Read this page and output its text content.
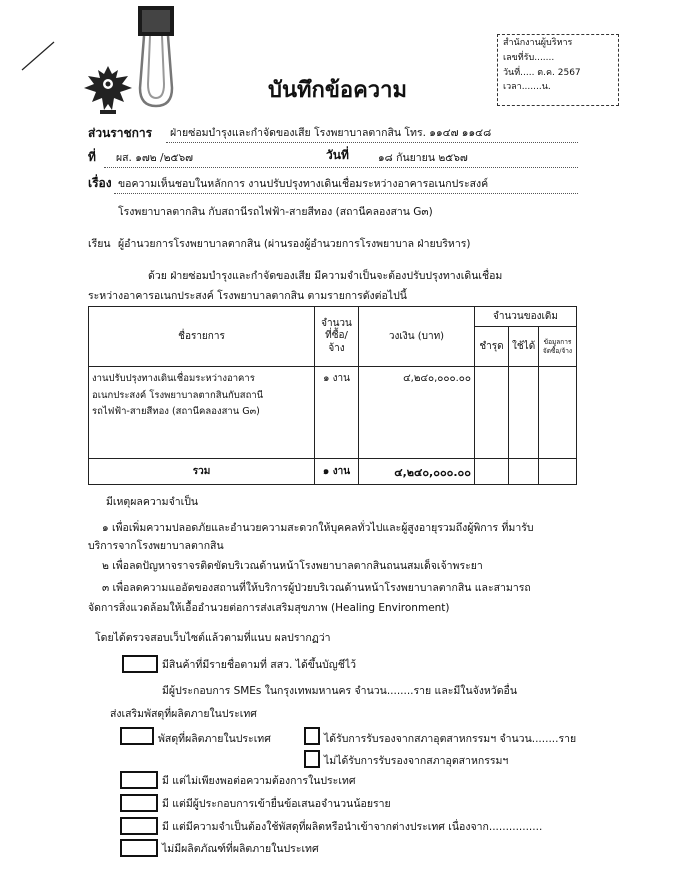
บันทึกข้อความ
สำนักงานผู้บริหาร
เลขที่รับ.......
วันที่..... ต.ค. 2567
เวลา.......น.
ส่วนราชการ ฝ่ายซ่อมบำรุงและกำจัดของเสีย โรงพยาบาลตากสิน โทร. ๑๑๔๗ ๑๑๔๘
ที่ ผส. ๑๗๒ /๒๕๖๗	วันที่	๑๘ กันยายน ๒๕๖๗
เรื่อง ขอความเห็นชอบในหลักการ งานปรับปรุงทางเดินเชื่อมระหว่างอาคารอเนกประสงค์
โรงพยาบาลตากสิน กับสถานีรถไฟฟ้า-สายสีทอง (สถานีคลองสาน G๓)
เรียน ผู้อำนวยการโรงพยาบาลตากสิน (ผ่านรองผู้อำนวยการโรงพยาบาล ฝ่ายบริหาร)
ด้วย ฝ่ายซ่อมบำรุงและกำจัดของเสีย มีความจำเป็นจะต้องปรับปรุงทางเดินเชื่อม
ระหว่างอาคารอเนกประสงค์ โรงพยาบาลตากสิน ตามรายการดังต่อไปนี้
ชื่อรายการ	จำนวน
ที่ซื้อ/
จ้าง	วงเงิน (บาท)	จำนวนของเดิม		
			ชำรุด	ใช้ได้	ข้อมูลการ
จัดซื้อ/จ้าง

งานปรับปรุงทางเดินเชื่อมระหว่างอาคาร
อเนกประสงค์ โรงพยาบาลตากสินกับสถานี
รถไฟฟ้า-สายสีทอง (สถานีคลองสาน G๓)	๑ งาน	๔,๒๔๐,๐๐๐.๐๐			
รวม	๑ งาน	๔,๒๔๐,๐๐๐.๐๐			
มีเหตุผลความจำเป็น
๑ เพื่อเพิ่มความปลอดภัยและอำนวยความสะดวกให้บุคคลทั่วไปและผู้สูงอายุรวมถึงผู้พิการ ที่มารับ
บริการจากโรงพยาบาลตากสิน
๒ เพื่อลดปัญหาจราจรติดขัดบริเวณด้านหน้าโรงพยาบาลตากสินถนนสมเด็จเจ้าพระยา
๓ เพื่อลดความแออัดของสถานที่ให้บริการผู้ป่วยบริเวณด้านหน้าโรงพยาบาลตากสิน และสามารถ
จัดการสิ่งแวดล้อมให้เอื้ออำนวยต่อการส่งเสริมสุขภาพ (Healing Environment)
โดยได้ตรวจสอบเว็บไซต์แล้วตามที่แนบ ผลปรากฏว่า
มีสินค้าที่มีรายชื่อตามที่ สสว. ได้ขึ้นบัญชีไว้
มีผู้ประกอบการ SMEs ในกรุงเทพมหานคร จำนวน........ราย และมีในจังหวัดอื่น
ส่งเสริมพัสดุที่ผลิตภายในประเทศ
พัสดุที่ผลิตภายในประเทศ	ได้รับการรับรองจากสภาอุตสาหกรรมฯ จำนวน........ราย
ไม่ได้รับการรับรองจากสภาอุตสาหกรรมฯ
มี แต่ไม่เพียงพอต่อความต้องการในประเทศ
มี แต่มีผู้ประกอบการเข้ายื่นข้อเสนอจำนวนน้อยราย
มี แต่มีความจำเป็นต้องใช้พัสดุที่ผลิตหรือนำเข้าจากต่างประเทศ เนื่องจาก................
ไม่มีผลิตภัณฑ์ที่ผลิตภายในประเทศ
